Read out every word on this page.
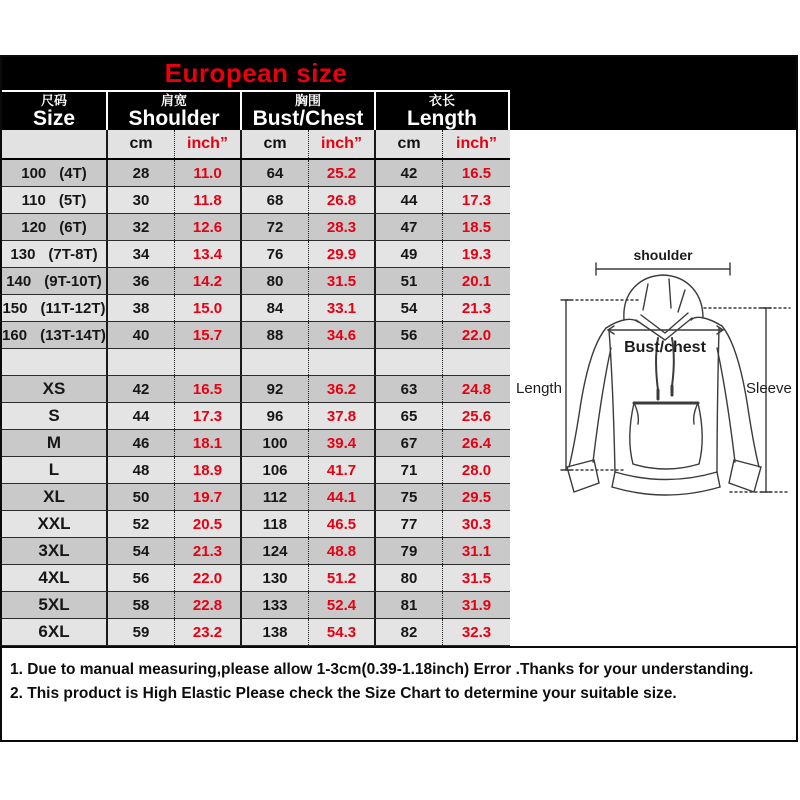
European size
尺码
Size
肩宽
Shoulder
胸围
Bust/Chest
衣长
Length
cm	inch”	cm	inch”	cm	inch”
100 (4T)	28	11.0	64	25.2	42	16.5
110 (5T)	30	11.8	68	26.8	44	17.3
120 (6T)	32	12.6	72	28.3	47	18.5
130 (7T-8T)	34	13.4	76	29.9	49	19.3
140 (9T-10T)	36	14.2	80	31.5	51	20.1
150 (11T-12T)	38	15.0	84	33.1	54	21.3
160 (13T-14T)	40	15.7	88	34.6	56	22.0
XS	42	16.5	92	36.2	63	24.8
S	44	17.3	96	37.8	65	25.6
M	46	18.1	100	39.4	67	26.4
L	48	18.9	106	41.7	71	28.0
XL	50	19.7	112	44.1	75	29.5
XXL	52	20.5	118	46.5	77	30.3
3XL	54	21.3	124	48.8	79	31.1
4XL	56	22.0	130	51.2	80	31.5
5XL	58	22.8	133	52.4	81	31.9
6XL	59	23.2	138	54.3	82	32.3
shoulder
Bust/chest
Length	Sleeve
1. Due to manual measuring,please allow 1-3cm(0.39-1.18inch) Error .Thanks for your understanding.
2. This product is High Elastic Please check the Size Chart to determine your suitable size.
